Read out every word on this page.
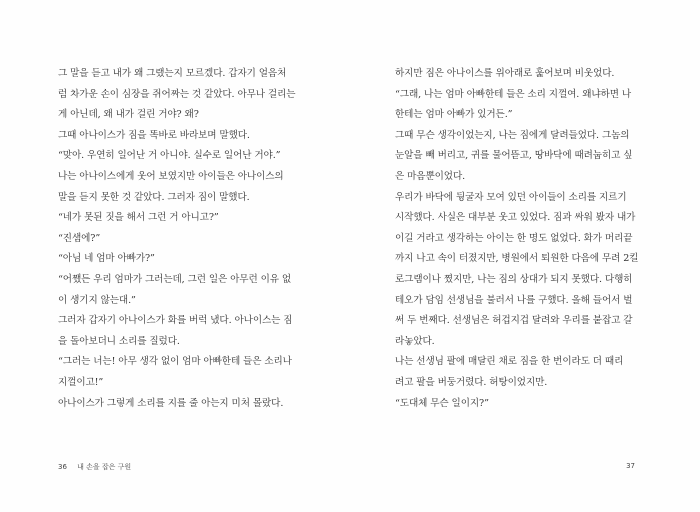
그 말을 듣고 내가 왜 그랬는지 모르겠다. 갑자기 얼음처
럼 차가운 손이 심장을 쥐어짜는 것 같았다. 아무나 걸리는
게 아닌데, 왜 내가 걸린 거야? 왜?
그때 아나이스가 짐을 똑바로 바라보며 말했다.
“맞아. 우연히 일어난 거 아니야. 실수로 일어난 거야.”
나는 아나이스에게 웃어 보였지만 아이들은 아나이스의
말을 듣지 못한 것 같았다. 그러자 짐이 말했다.
“네가 못된 짓을 해서 그런 거 아니고?”
“진샘에?”
“아님 네 엄마 아빠가?”
“어쨌든 우리 엄마가 그러는데, 그런 일은 아무런 이유 없
이 생기지 않는대.”
그러자 갑자기 아나이스가 화를 버럭 냈다. 아나이스는 짐
을 돌아보더니 소리를 질렀다.
“그러는 너는! 아무 생각 없이 엄마 아빠한테 들은 소리나
지껄이고!”
아나이스가 그렇게 소리를 지를 줄 아는지 미처 몰랐다.
36 내 손을 잡은 구원
하지만 짐은 아나이스를 위아래로 훑어보며 비웃었다.
“그래, 나는 엄마 아빠한테 들은 소리 지껄여. 왜냐하면 나
한테는 엄마 아빠가 있거든.”
그때 무슨 생각이었는지, 나는 짐에게 달려들었다. 그놈의
눈알을 빼 버리고, 귀를 물어뜯고, 땅바닥에 때려눕히고 싶
은 마음뿐이었다.
우리가 바닥에 뒹굴자 모여 있던 아이들이 소리를 지르기
시작했다. 사실은 대부분 웃고 있었다. 짐과 싸워 봤자 내가
이길 거라고 생각하는 아이는 한 명도 없었다. 화가 머리끝
까지 나고 속이 터졌지만, 병원에서 퇴원한 다음에 무려 2킬
로그램이나 쪘지만, 나는 짐의 상대가 되지 못했다. 다행히
테오가 담임 선생님을 불러서 나를 구했다. 올해 들어서 벌
써 두 번째다. 선생님은 허겁지겁 달려와 우리를 붙잡고 갈
라놓았다.
나는 선생님 팔에 매달린 채로 짐을 한 번이라도 더 때리
려고 팔을 버둥거렸다. 허탕이었지만.
“도대체 무슨 일이지?”
37
